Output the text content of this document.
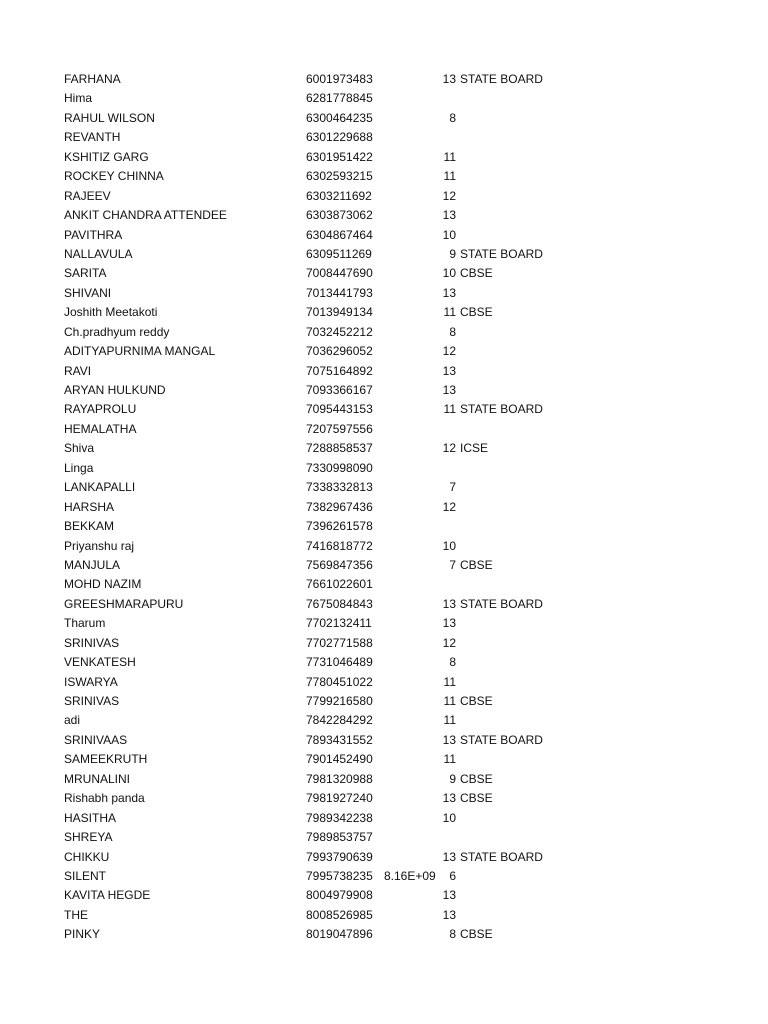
FARHANA	6001973483	13 STATE BOARD
Hima	6281778845
RAHUL WILSON	6300464235	8
REVANTH	6301229688
KSHITIZ GARG	6301951422	11
ROCKEY CHINNA	6302593215	11
RAJEEV	6303211692	12
ANKIT CHANDRA ATTENDEE	6303873062	13
PAVITHRA	6304867464	10
NALLAVULA	6309511269	9 STATE BOARD
SARITA	7008447690	10 CBSE
SHIVANI	7013441793	13
Joshith Meetakoti	7013949134	11 CBSE
Ch.pradhyum reddy	7032452212	8
ADITYAPURNIMA MANGAL	7036296052	12
RAVI	7075164892	13
ARYAN HULKUND	7093366167	13
RAYAPROLU	7095443153	11 STATE BOARD
HEMALATHA	7207597556
Shiva	7288858537	12 ICSE
Linga	7330998090
LANKAPALLI	7338332813	7
HARSHA	7382967436	12
BEKKAM	7396261578
Priyanshu raj	7416818772	10
MANJULA	7569847356	7 CBSE
MOHD NAZIM	7661022601
GREESHMARAPURU	7675084843	13 STATE BOARD
Tharum	7702132411	13
SRINIVAS	7702771588	12
VENKATESH	7731046489	8
ISWARYA	7780451022	11
SRINIVAS	7799216580	11 CBSE
adi	7842284292	11
SRINIVAAS	7893431552	13 STATE BOARD
SAMEEKRUTH	7901452490	11
MRUNALINI	7981320988	9 CBSE
Rishabh panda	7981927240	13 CBSE
HASITHA	7989342238	10
SHREYA	7989853757
CHIKKU	7993790639	13 STATE BOARD
SILENT	7995738235 8.16E+09	6
KAVITA HEGDE	8004979908	13
THE	8008526985	13
PINKY	8019047896	8 CBSE
